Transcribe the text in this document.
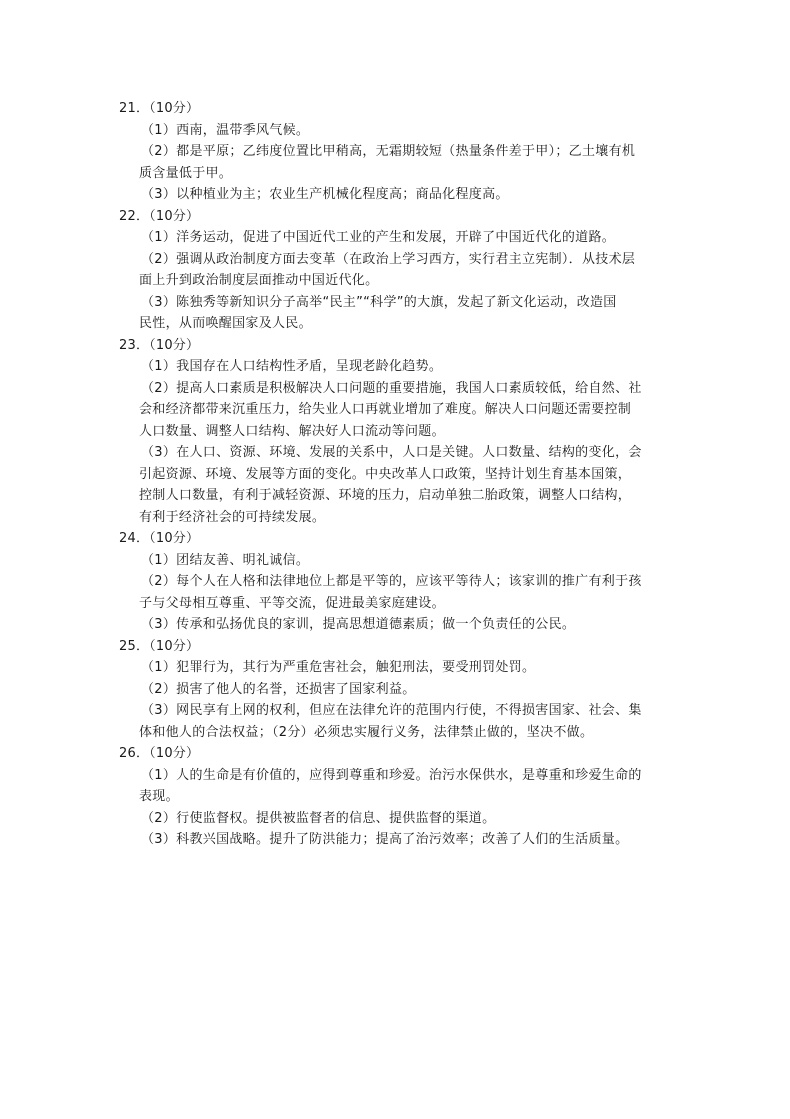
21．（10分）
（1）西南，温带季风气候。
（2）都是平原；乙纬度位置比甲稍高，无霜期较短（热量条件差于甲）；乙土壤有机
质含量低于甲。
（3）以种植业为主；农业生产机械化程度高；商品化程度高。
22．（10分）
（1）洋务运动，促进了中国近代工业的产生和发展，开辟了中国近代化的道路。
（2）强调从政治制度方面去变革（在政治上学习西方，实行君主立宪制）．从技术层
面上升到政治制度层面推动中国近代化。
（3）陈独秀等新知识分子高举“民主”“科学”的大旗，发起了新文化运动，改造国
民性，从而唤醒国家及人民。
23．（10分）
（1）我国存在人口结构性矛盾，呈现老龄化趋势。
（2）提高人口素质是积极解决人口问题的重要措施，我国人口素质较低，给自然、社
会和经济都带来沉重压力，给失业人口再就业增加了难度。解决人口问题还需要控制
人口数量、调整人口结构、解决好人口流动等问题。
（3）在人口、资源、环境、发展的关系中，人口是关键。人口数量、结构的变化，会
引起资源、环境、发展等方面的变化。中央改革人口政策，坚持计划生育基本国策，
控制人口数量，有利于减轻资源、环境的压力，启动单独二胎政策，调整人口结构，
有利于经济社会的可持续发展。
24．（10分）
（1）团结友善、明礼诚信。
（2）每个人在人格和法律地位上都是平等的，应该平等待人；该家训的推广有利于孩
子与父母相互尊重、平等交流，促进最美家庭建设。
（3）传承和弘扬优良的家训，提高思想道德素质；做一个负责任的公民。
25．（10分）
（1）犯罪行为，其行为严重危害社会，触犯刑法，要受刑罚处罚。
（2）损害了他人的名誉，还损害了国家利益。
（3）网民享有上网的权利，但应在法律允许的范围内行使，不得损害国家、社会、集
体和他人的合法权益；（2分）必须忠实履行义务，法律禁止做的，坚决不做。
26．（10分）
（1）人的生命是有价值的，应得到尊重和珍爱。治污水保供水，是尊重和珍爱生命的
表现。
（2）行使监督权。提供被监督者的信息、提供监督的渠道。
（3）科教兴国战略。提升了防洪能力；提高了治污效率；改善了人们的生活质量。
